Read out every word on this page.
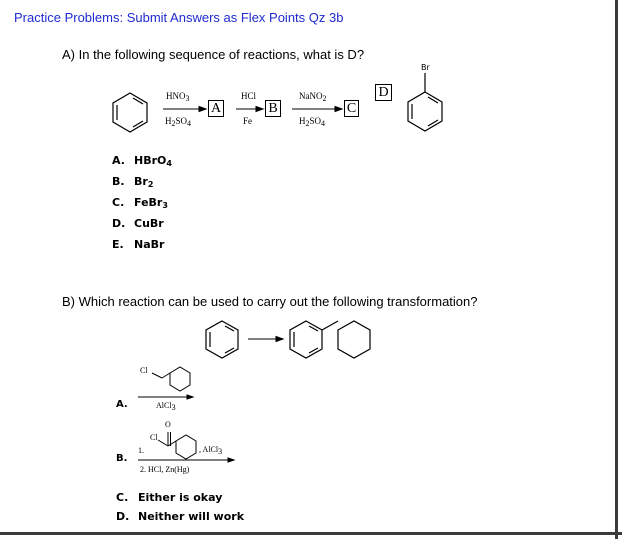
Practice Problems: Submit Answers as Flex Points Qz 3b
A) In the following sequence of reactions, what is D?
$HNO_3$
$H_2SO_4$
HCl
Fe
NaNO$_2$
$H_2SO_4$
A	B	C
D
Br
A. HBrO$_4$
B. $Br_2$
C. FeBr$_3$
D. CuBr
E. NaBr
B) Which reaction can be used to carry out the following transformation?
A.
Cl
AlCl$_3$
B.
Cl
O
1.	, AlCl$_3$
2. HCl, Zn(Hg)
C. Either is okay
D. Neither will work
